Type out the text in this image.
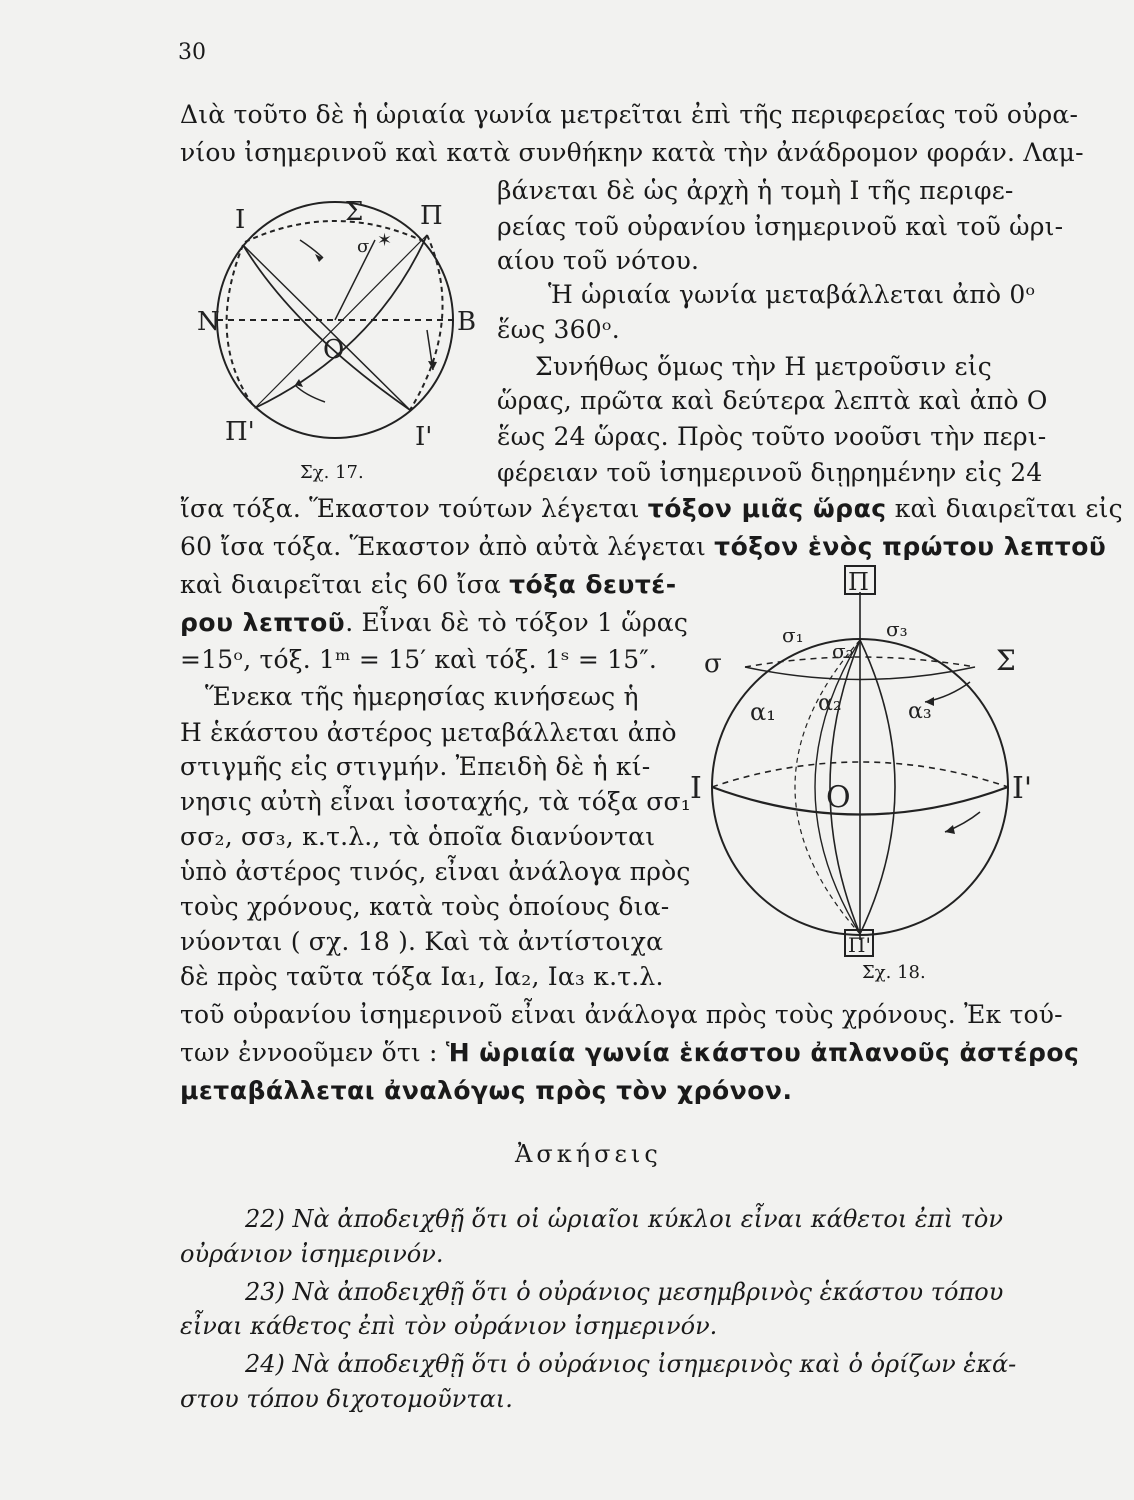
30
Διὰ τοῦτο δὲ ἡ ὡριαία γωνία μετρεῖται ἐπὶ τῆς περιφερείας τοῦ οὐρα-
νίου ἰσημερινοῦ καὶ κατὰ συνθήκην κατὰ τὴν ἀνάδρομον φοράν. Λαμ-
✶
Ι	Σ Π
σ
Ν	Β
Ο
Π'	Ι'
Σχ. 17.
βάνεται δὲ ὡς ἀρχὴ ἡ τομὴ Ι τῆς περιφε-
ρείας τοῦ οὐρανίου ἰσημερινοῦ καὶ τοῦ ὡρι-
αίου τοῦ νότου.
Ἡ ὡριαία γωνία μεταβάλλεται ἀπὸ 0ᵒ
ἕως 360ᵒ.
Συνήθως ὅμως τὴν Η μετροῦσιν εἰς
ὥρας, πρῶτα καὶ δεύτερα λεπτὰ καὶ ἀπὸ Ο
ἕως 24 ὥρας. Πρὸς τοῦτο νοοῦσι τὴν περι-
φέρειαν τοῦ ἰσημερινοῦ διῃρημένην εἰς 24
ἴσα τόξα. Ἕκαστον τούτων λέγεται τόξον μιᾶς ὥρας καὶ διαιρεῖται εἰς
60 ἴσα τόξα. Ἕκαστον ἀπὸ αὐτὰ λέγεται τόξον ἑνὸς πρώτου λεπτοῦ
καὶ διαιρεῖται εἰς 60 ἴσα τόξα δευτέ-
ρου λεπτοῦ. Εἶναι δὲ τὸ τόξον 1 ὥρας
=15ᵒ, τόξ. 1ᵐ = 15′ καὶ τόξ. 1ˢ = 15″.
Ἕνεκα τῆς ἡμερησίας κινήσεως ἡ
Η ἑκάστου ἀστέρος μεταβάλλεται ἀπὸ
στιγμῆς εἰς στιγμήν. Ἐπειδὴ δὲ ἡ κί-
νησις αὐτὴ εἶναι ἰσοταχής, τὰ τόξα σσ₁
σσ₂, σσ₃, κ.τ.λ., τὰ ὁποῖα διανύονται
ὑπὸ ἀστέρος τινός, εἶναι ἀνάλογα πρὸς
τοὺς χρόνους, κατὰ τοὺς ὁποίους δια-
νύονται ( σχ. 18 ). Καὶ τὰ ἀντίστοιχα
δὲ πρὸς ταῦτα τόξα Ια₁, Ια₂, Ια₃ κ.τ.λ.
Π
σ₁
σ₂
σ₃
σ	Σ
α₁ α₂	α₃
Ι	Ι'
Ο
Π'
Σχ. 18.
τοῦ οὐρανίου ἰσημερινοῦ εἶναι ἀνάλογα πρὸς τοὺς χρόνους. Ἐκ τού-
των ἐννοοῦμεν ὅτι : Ἡ ὡριαία γωνία ἑκάστου ἀπλανοῦς ἀστέρος
μεταβάλλεται ἀναλόγως πρὸς τὸν χρόνον.
Ἀσκήσεις
22) Νὰ ἀποδειχθῇ ὅτι οἱ ὡριαῖοι κύκλοι εἶναι κάθετοι ἐπὶ τὸν
οὐράνιον ἰσημερινόν.
23) Νὰ ἀποδειχθῇ ὅτι ὁ οὐράνιος μεσημβρινὸς ἑκάστου τόπου
εἶναι κάθετος ἐπὶ τὸν οὐράνιον ἰσημερινόν.
24) Νὰ ἀποδειχθῇ ὅτι ὁ οὐράνιος ἰσημερινὸς καὶ ὁ ὁρίζων ἑκά-
στου τόπου διχοτομοῦνται.
